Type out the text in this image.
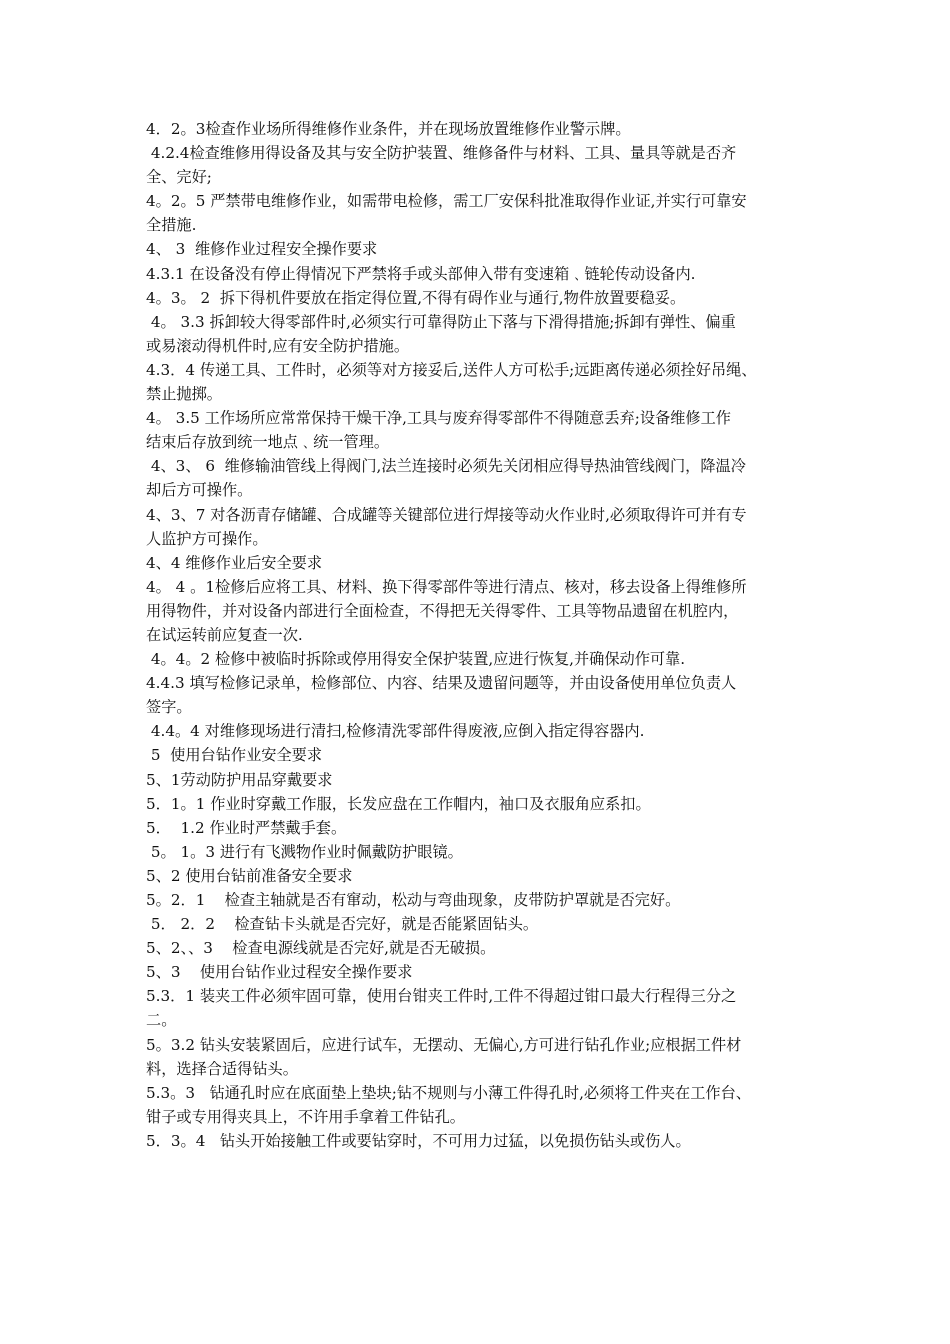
4．2。3检查作业场所得维修作业条件，并在现场放置维修作业警示牌。
4.2.4检查维修用得设备及其与安全防护装置、维修备件与材料、工具、量具等就是否齐
全、完好;
4。2。5 严禁带电维修作业，如需带电检修，需工厂安保科批准取得作业证,并实行可靠安
全措施.
4、 3  维修作业过程安全操作要求
4.3.1 在设备没有停止得情况下严禁将手或头部伸入带有变速箱﹑链轮传动设备内.
4。3。 2  拆下得机件要放在指定得位置,不得有碍作业与通行,物件放置要稳妥。
4。 3.3 拆卸较大得零部件时,必须实行可靠得防止下落与下滑得措施;拆卸有弹性、偏重
或易滚动得机件时,应有安全防护措施。
4.3．4 传递工具、工件时，必须等对方接妥后,送件人方可松手;远距离传递必须拴好吊绳、
禁止抛掷。
4。 3.5 工作场所应常常保持干燥干净,工具与废弃得零部件不得随意丢弃;设备维修工作
结束后存放到统一地点﹑统一管理。
4、3、 6  维修输油管线上得阀门,法兰连接时必须先关闭相应得导热油管线阀门，降温冷
却后方可操作。
4、3、7 对各沥青存储罐、合成罐等关键部位进行焊接等动火作业时,必须取得许可并有专
人监护方可操作。
4、4 维修作业后安全要求
4。 4 。1检修后应将工具、材料、换下得零部件等进行清点、核对，移去设备上得维修所
用得物件，并对设备内部进行全面检查，不得把无关得零件、工具等物品遗留在机腔内，
在试运转前应复查一次.
4。4。2 检修中被临时拆除或停用得安全保护装置,应进行恢复,并确保动作可靠.
4.4.3 填写检修记录单，检修部位、内容、结果及遗留问题等，并由设备使用单位负责人
签字。
4.4。4 对维修现场进行清扫,检修清洗零部件得废液,应倒入指定得容器内.
5  使用台钻作业安全要求
5、1劳动防护用品穿戴要求
5．1。1 作业时穿戴工作服，长发应盘在工作帽内，袖口及衣服角应系扣。
5．  1.2 作业时严禁戴手套。
5。 1。3 进行有飞溅物作业时佩戴防护眼镜。
5、2 使用台钻前准备安全要求
5。2．1    检查主轴就是否有窜动，松动与弯曲现象，皮带防护罩就是否完好。
5． 2．2    检查钻卡头就是否完好，就是否能紧固钻头。
5、2、、3    检查电源线就是否完好,就是否无破损。
5、3    使用台钻作业过程安全操作要求
5.3．1 装夹工件必须牢固可靠，使用台钳夹工件时,工件不得超过钳口最大行程得三分之
二。
5。3.2 钻头安装紧固后，应进行试车，无摆动、无偏心,方可进行钻孔作业;应根据工件材
料，选择合适得钻头。
5.3。3   钻通孔时应在底面垫上垫块;钻不规则与小薄工件得孔时,必须将工件夹在工作台、
钳子或专用得夹具上，不许用手拿着工件钻孔。
5．3。4   钻头开始接触工件或要钻穿时，不可用力过猛，以免损伤钻头或伤人。
